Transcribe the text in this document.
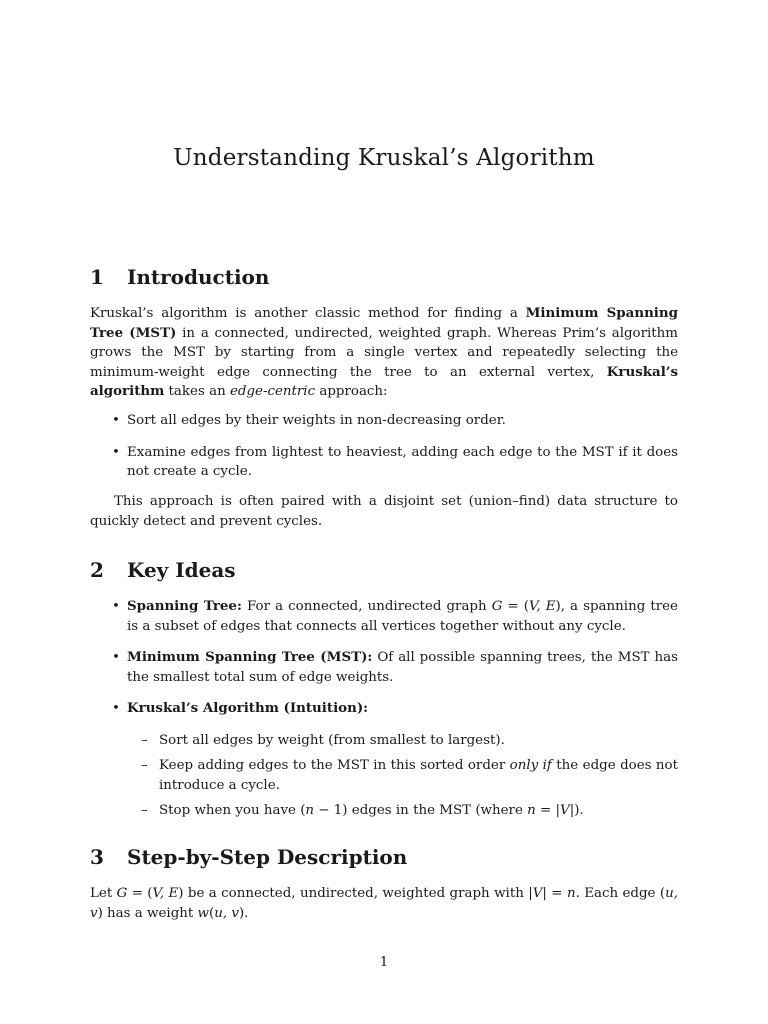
Understanding Kruskal’s Algorithm
1 Introduction

Kruskal’s algorithm is another classic method for finding a Minimum Spanning Tree (MST) in a connected, undirected, weighted graph. Whereas Prim’s algorithm grows the MST by starting from a single vertex and repeatedly selecting the minimum-weight edge connecting the tree to an external vertex, Kruskal’s algorithm takes an edge-centric approach:

• Sort all edges by their weights in non-decreasing order.
• Examine edges from lightest to heaviest, adding each edge to the MST if it does not create a cycle.

This approach is often paired with a disjoint set (union–find) data structure to quickly detect and prevent cycles.

2 Key Ideas
• Spanning Tree: For a connected, undirected graph G = (V, E), a spanning tree is a subset of edges that connects all vertices together without any cycle.
• Minimum Spanning Tree (MST): Of all possible spanning trees, the MST has the smallest total sum of edge weights.
• Kruskal’s Algorithm (Intuition):
– Sort all edges by weight (from smallest to largest).
– Keep adding edges to the MST in this sorted order only if the edge does not introduce a cycle.
– Stop when you have (n − 1) edges in the MST (where n = |V|).
3 Step-by-Step Description

Let G = (V, E) be a connected, undirected, weighted graph with |V| = n. Each edge (u, v) has a weight w(u, v).

1
